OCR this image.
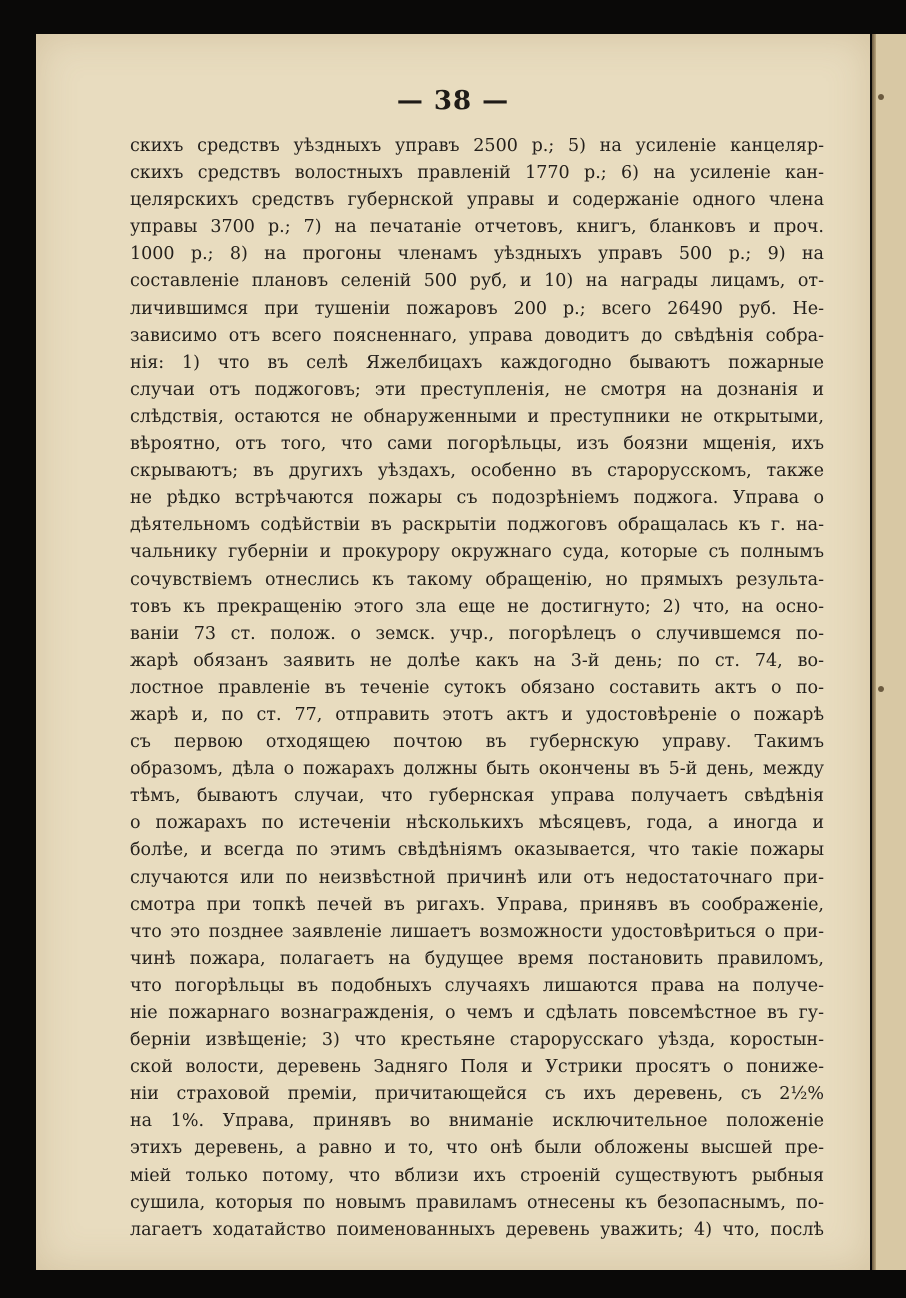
— 38 —
скихъ средствъ уѣздныхъ управъ 2500 р.; 5) на усиленіе канцеляр-
скихъ средствъ волостныхъ правленій 1770 р.; 6) на усиленіе кан-
целярскихъ средствъ губернской управы и содержаніе одного члена
управы 3700 р.; 7) на печатаніе отчетовъ, книгъ, бланковъ и проч.
1000 р.; 8) на прогоны членамъ уѣздныхъ управъ 500 р.; 9) на
составленіе плановъ селеній 500 руб, и 10) на награды лицамъ, от-
личившимся при тушеніи пожаровъ 200 р.; всего 26490 руб. Не-
зависимо отъ всего поясненнаго, управа доводитъ до свѣдѣнія собра-
нія: 1) что въ селѣ Яжелбицахъ каждогодно бываютъ пожарные
случаи отъ поджоговъ; эти преступленія, не смотря на дознанія и
слѣдствія, остаются не обнаруженными и преступники не открытыми,
вѣроятно, отъ того, что сами погорѣльцы, изъ боязни мщенія, ихъ
скрываютъ; въ другихъ уѣздахъ, особенно въ старорусскомъ, также
не рѣдко встрѣчаются пожары съ подозрѣніемъ поджога. Управа о
дѣятельномъ содѣйствіи въ раскрытіи поджоговъ обращалась къ г. на-
чальнику губерніи и прокурору окружнаго суда, которые съ полнымъ
сочувствіемъ отнеслись къ такому обращенію, но прямыхъ результа-
товъ къ прекращенію этого зла еще не достигнуто; 2) что, на осно-
ваніи 73 ст. полож. о земск. учр., погорѣлецъ о случившемся по-
жарѣ обязанъ заявить не долѣе какъ на 3-й день; по ст. 74, во-
лостное правленіе въ теченіе сутокъ обязано составить актъ о по-
жарѣ и, по ст. 77, отправить этотъ актъ и удостовѣреніе о пожарѣ
съ первою отходящею почтою въ губернскую управу. Такимъ
образомъ, дѣла о пожарахъ должны быть окончены въ 5-й день, между
тѣмъ, бываютъ случаи, что губернская управа получаетъ свѣдѣнія
о пожарахъ по истеченіи нѣсколькихъ мѣсяцевъ, года, а иногда и
болѣе, и всегда по этимъ свѣдѣніямъ оказывается, что такіе пожары
случаются или по неизвѣстной причинѣ или отъ недостаточнаго при-
смотра при топкѣ печей въ ригахъ. Управа, принявъ въ соображеніе,
что это позднее заявленіе лишаетъ возможности удостовѣриться о при-
чинѣ пожара, полагаетъ на будущее время постановить правиломъ,
что погорѣльцы въ подобныхъ случаяхъ лишаются права на получе-
ніе пожарнаго вознагражденія, о чемъ и сдѣлать повсемѣстное въ гу-
берніи извѣщеніе; 3) что крестьяне старорусскаго уѣзда, коростын-
ской волости, деревень Задняго Поля и Устрики просятъ о пониже-
ніи страховой преміи, причитающейся съ ихъ деревень, съ 2½%
на 1%. Управа, принявъ во вниманіе исключительное положеніе
этихъ деревень, а равно и то, что онѣ были обложены высшей пре-
міей только потому, что вблизи ихъ строеній существуютъ рыбныя
сушила, которыя по новымъ правиламъ отнесены къ безопаснымъ, по-
лагаетъ ходатайство поименованныхъ деревень уважить; 4) что, послѣ
